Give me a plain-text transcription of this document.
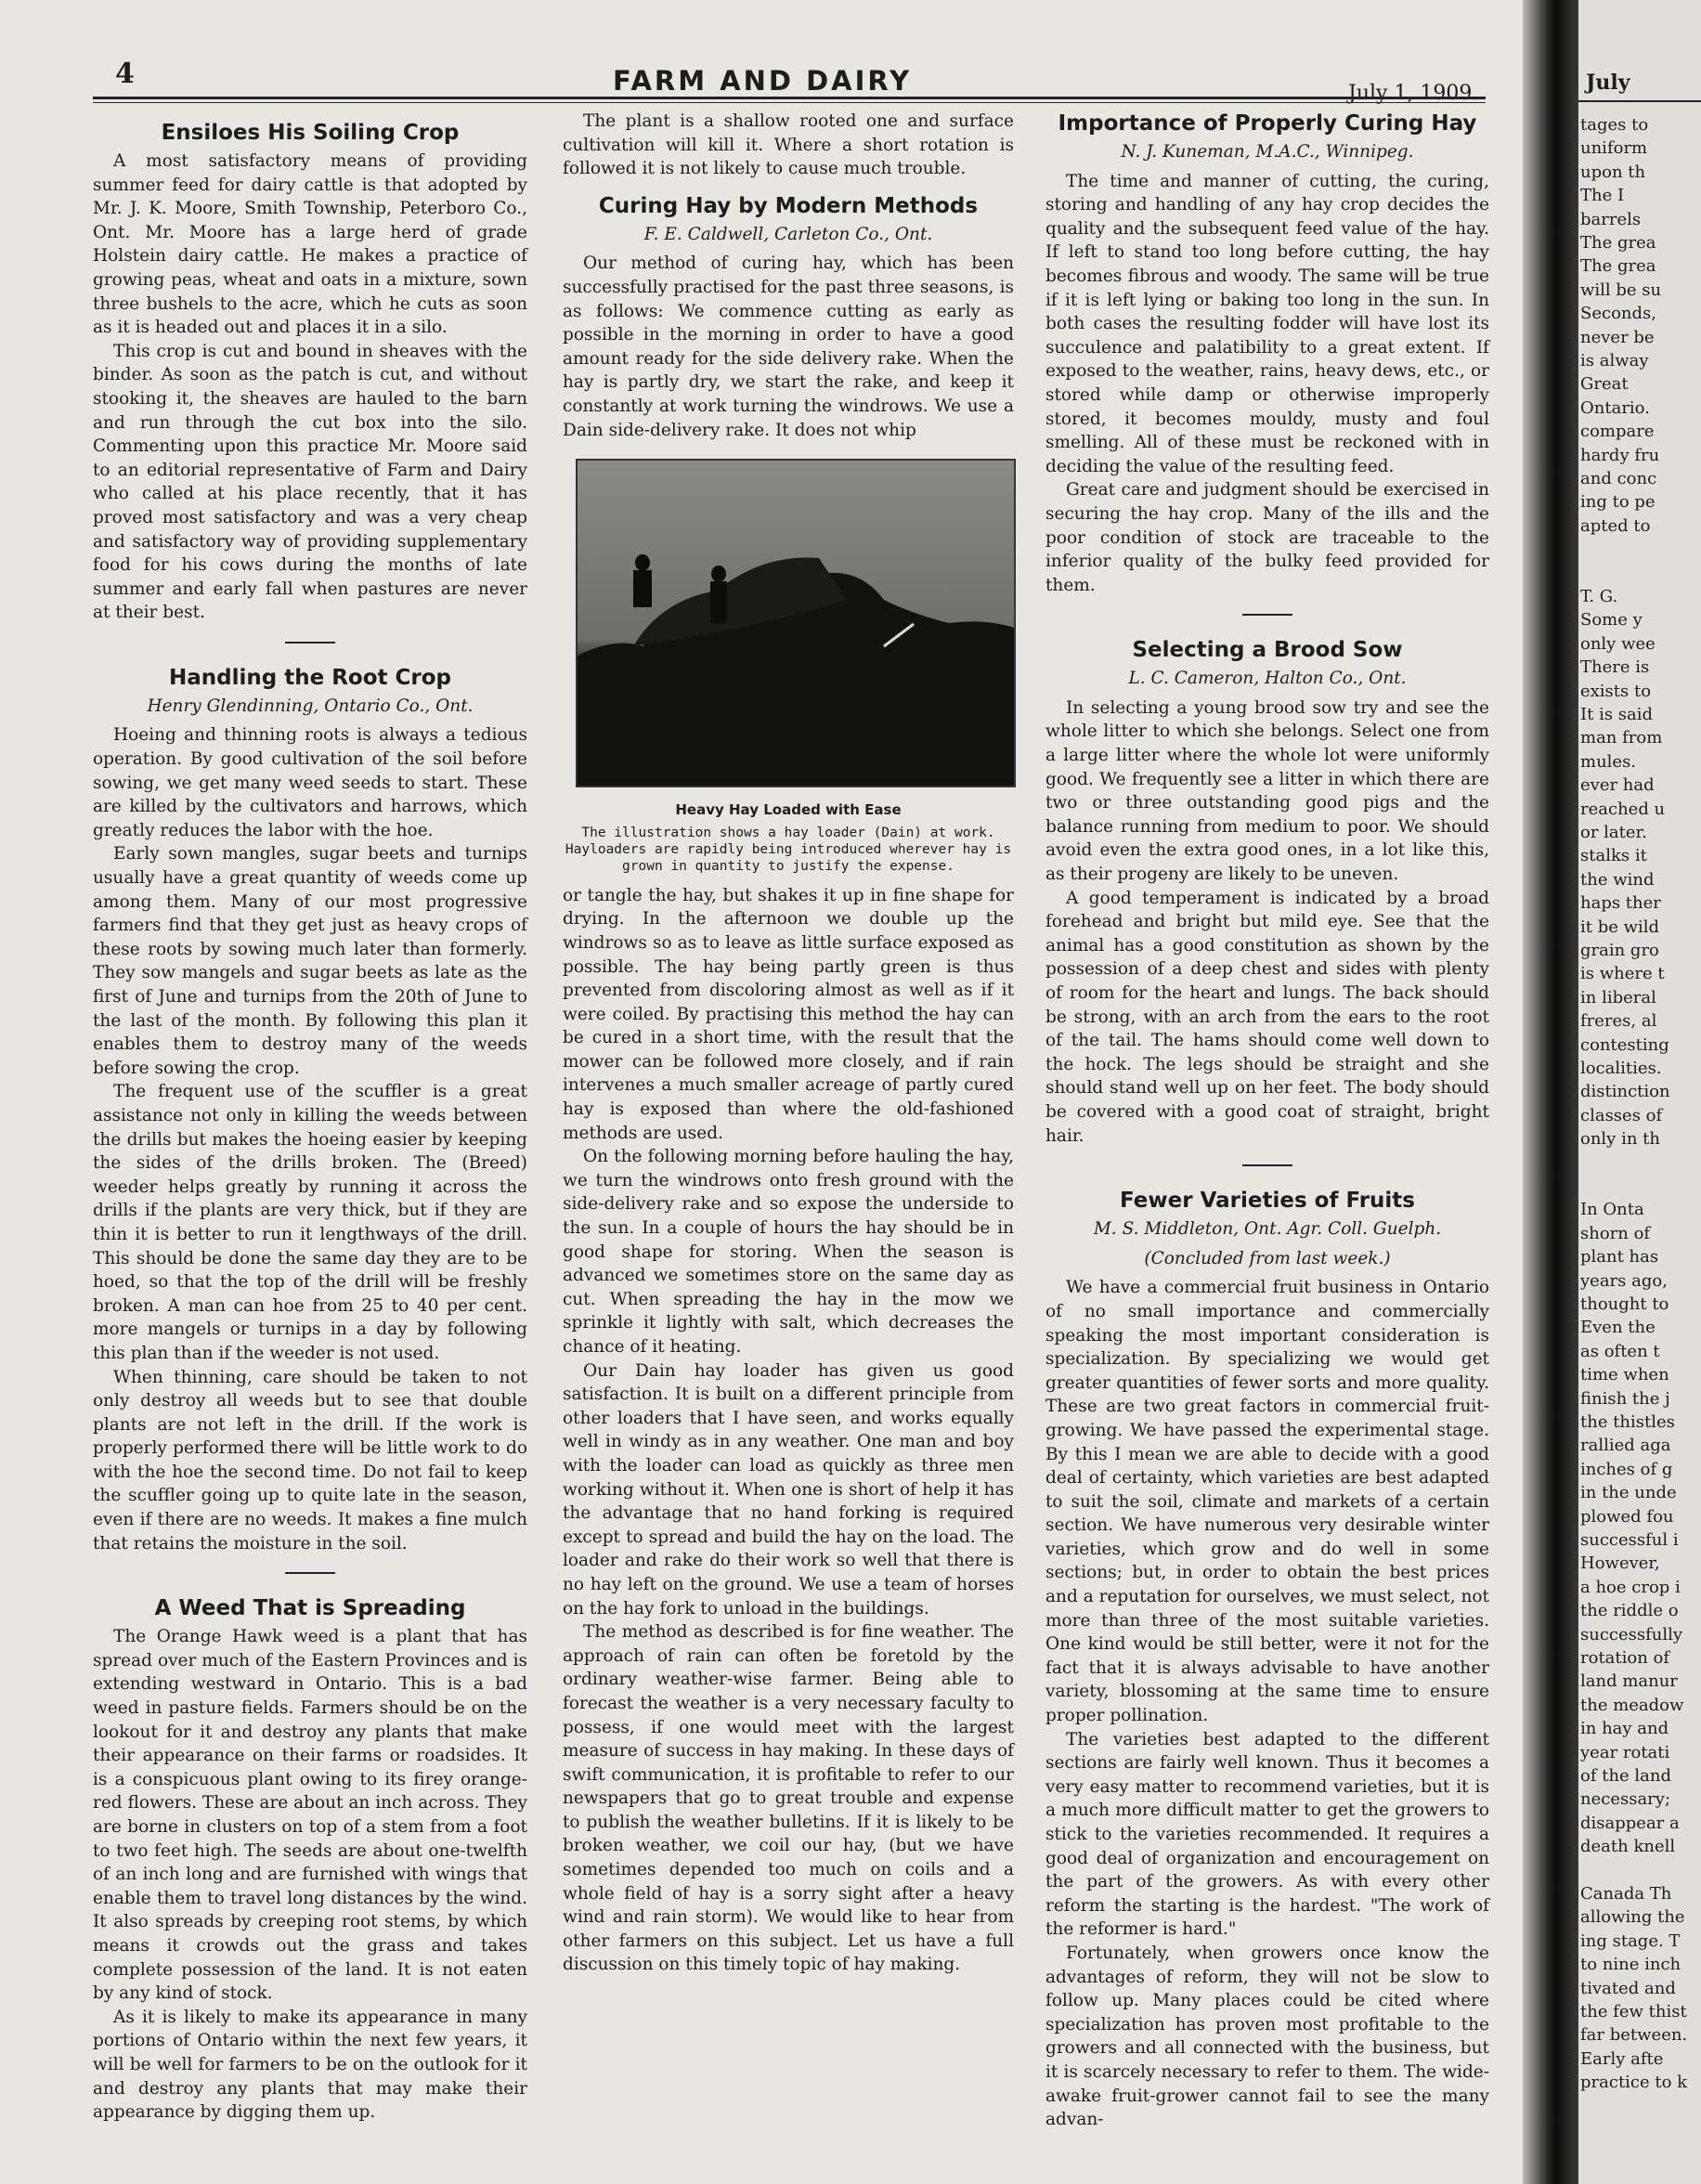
4	FARM AND DAIRY	July 1, 1909.
Ensiloes His Soiling Crop

A most satisfactory means of providing summer feed for dairy cattle is that adopted by Mr. J. K. Moore, Smith Township, Peterboro Co., Ont. Mr. Moore has a large herd of grade Holstein dairy cattle. He makes a practice of growing peas, wheat and oats in a mixture, sown three bushels to the acre, which he cuts as soon as it is headed out and places it in a silo.

This crop is cut and bound in sheaves with the binder. As soon as the patch is cut, and without stooking it, the sheaves are hauled to the barn and run through the cut box into the silo. Commenting upon this practice Mr. Moore said to an editorial representative of Farm and Dairy who called at his place recently, that it has proved most satisfactory and was a very cheap and satisfactory way of providing supplementary food for his cows during the months of late summer and early fall when pastures are never at their best.

Handling the Root Crop
Henry Glendinning, Ontario Co., Ont.

Hoeing and thinning roots is always a tedious operation. By good cultivation of the soil before sowing, we get many weed seeds to start. These are killed by the cultivators and harrows, which greatly reduces the labor with the hoe.

Early sown mangles, sugar beets and turnips usually have a great quantity of weeds come up among them. Many of our most progressive farmers find that they get just as heavy crops of these roots by sowing much later than formerly. They sow mangels and sugar beets as late as the first of June and turnips from the 20th of June to the last of the month. By following this plan it enables them to destroy many of the weeds before sowing the crop.

The frequent use of the scuffler is a great assistance not only in killing the weeds between the drills but makes the hoeing easier by keeping the sides of the drills broken. The (Breed) weeder helps greatly by running it across the drills if the plants are very thick, but if they are thin it is better to run it lengthways of the drill. This should be done the same day they are to be hoed, so that the top of the drill will be freshly broken. A man can hoe from 25 to 40 per cent. more mangels or turnips in a day by following this plan than if the weeder is not used.

When thinning, care should be taken to not only destroy all weeds but to see that double plants are not left in the drill. If the work is properly performed there will be little work to do with the hoe the second time. Do not fail to keep the scuffler going up to quite late in the season, even if there are no weeds. It makes a fine mulch that retains the moisture in the soil.

A Weed That is Spreading

The Orange Hawk weed is a plant that has spread over much of the Eastern Provinces and is extending westward in Ontario. This is a bad weed in pasture fields. Farmers should be on the lookout for it and destroy any plants that make their appearance on their farms or roadsides. It is a conspicuous plant owing to its firey orange-red flowers. These are about an inch across. They are borne in clusters on top of a stem from a foot to two feet high. The seeds are about one-twelfth of an inch long and are furnished with wings that enable them to travel long distances by the wind. It also spreads by creeping root stems, by which means it crowds out the grass and takes complete possession of the land. It is not eaten by any kind of stock.

As it is likely to make its appearance in many portions of Ontario within the next few years, it will be well for farmers to be on the outlook for it and destroy any plants that may make their appearance by digging them up.

The plant is a shallow rooted one and surface cultivation will kill it. Where a short rotation is followed it is not likely to cause much trouble.

Curing Hay by Modern Methods
F. E. Caldwell, Carleton Co., Ont.

Our method of curing hay, which has been successfully practised for the past three seasons, is as follows: We commence cutting as early as possible in the morning in order to have a good amount ready for the side delivery rake. When the hay is partly dry, we start the rake, and keep it constantly at work turning the windrows. We use a Dain side-delivery rake. It does not whip

Heavy Hay Loaded with Ease
The illustration shows a hay loader (Dain) at work. Hayloaders are rapidly being introduced wherever hay is grown in quantity to justify the expense.

or tangle the hay, but shakes it up in fine shape for drying. In the afternoon we double up the windrows so as to leave as little surface exposed as possible. The hay being partly green is thus prevented from discoloring almost as well as if it were coiled. By practising this method the hay can be cured in a short time, with the result that the mower can be followed more closely, and if rain intervenes a much smaller acreage of partly cured hay is exposed than where the old-fashioned methods are used.

On the following morning before hauling the hay, we turn the windrows onto fresh ground with the side-delivery rake and so expose the underside to the sun. In a couple of hours the hay should be in good shape for storing. When the season is advanced we sometimes store on the same day as cut. When spreading the hay in the mow we sprinkle it lightly with salt, which decreases the chance of it heating.

Our Dain hay loader has given us good satisfaction. It is built on a different principle from other loaders that I have seen, and works equally well in windy as in any weather. One man and boy with the loader can load as quickly as three men working without it. When one is short of help it has the advantage that no hand forking is required except to spread and build the hay on the load. The loader and rake do their work so well that there is no hay left on the ground. We use a team of horses on the hay fork to unload in the buildings.

The method as described is for fine weather. The approach of rain can often be foretold by the ordinary weather-wise farmer. Being able to forecast the weather is a very necessary faculty to possess, if one would meet with the largest measure of success in hay making. In these days of swift communication, it is profitable to refer to our newspapers that go to great trouble and expense to publish the weather bulletins. If it is likely to be broken weather, we coil our hay, (but we have sometimes depended too much on coils and a whole field of hay is a sorry sight after a heavy wind and rain storm). We would like to hear from other farmers on this subject. Let us have a full discussion on this timely topic of hay making.

Importance of Properly Curing Hay
N. J. Kuneman, M.A.C., Winnipeg.

The time and manner of cutting, the curing, storing and handling of any hay crop decides the quality and the subsequent feed value of the hay. If left to stand too long before cutting, the hay becomes fibrous and woody. The same will be true if it is left lying or baking too long in the sun. In both cases the resulting fodder will have lost its succulence and palatibility to a great extent. If exposed to the weather, rains, heavy dews, etc., or stored while damp or otherwise improperly stored, it becomes mouldy, musty and foul smelling. All of these must be reckoned with in deciding the value of the resulting feed.

Great care and judgment should be exercised in securing the hay crop. Many of the ills and the poor condition of stock are traceable to the inferior quality of the bulky feed provided for them.

Selecting a Brood Sow
L. C. Cameron, Halton Co., Ont.

In selecting a young brood sow try and see the whole litter to which she belongs. Select one from a large litter where the whole lot were uniformly good. We frequently see a litter in which there are two or three outstanding good pigs and the balance running from medium to poor. We should avoid even the extra good ones, in a lot like this, as their progeny are likely to be uneven.

A good temperament is indicated by a broad forehead and bright but mild eye. See that the animal has a good constitution as shown by the possession of a deep chest and sides with plenty of room for the heart and lungs. The back should be strong, with an arch from the ears to the root of the tail. The hams should come well down to the hock. The legs should be straight and she should stand well up on her feet. The body should be covered with a good coat of straight, bright hair.

Fewer Varieties of Fruits
M. S. Middleton, Ont. Agr. Coll. Guelph.
(Concluded from last week.)

We have a commercial fruit business in Ontario of no small importance and commercially speaking the most important consideration is specialization. By specializing we would get greater quantities of fewer sorts and more quality. These are two great factors in commercial fruit-growing. We have passed the experimental stage. By this I mean we are able to decide with a good deal of certainty, which varieties are best adapted to suit the soil, climate and markets of a certain section. We have numerous very desirable winter varieties, which grow and do well in some sections; but, in order to obtain the best prices and a reputation for ourselves, we must select, not more than three of the most suitable varieties. One kind would be still better, were it not for the fact that it is always advisable to have another variety, blossoming at the same time to ensure proper pollination.

The varieties best adapted to the different sections are fairly well known. Thus it becomes a very easy matter to recommend varieties, but it is a much more difficult matter to get the growers to stick to the varieties recommended. It requires a good deal of organization and encouragement on the part of the growers. As with every other reform the starting is the hardest. "The work of the reformer is hard."

Fortunately, when growers once know the advantages of reform, they will not be slow to follow up. Many places could be cited where specialization has proven most profitable to the growers and all connected with the business, but it is scarcely necessary to refer to them. The wide-awake fruit-grower cannot fail to see the many advan-

July
tages to
uniform
upon th
The I
barrels
The grea
The grea
will be su
Seconds,
never be
is alway
Great
Ontario.
compare
hardy fru
and conc
ing to pe
apted to
T. G.
Some y
only wee
There is
exists to
It is said
man from
mules.
ever had
reached u
or later.
stalks it
the wind
haps ther
it be wild
grain gro
is where t
in liberal
freres, al
contesting
localities.
distinction
classes of
only in th
In Onta
shorn of
plant has
years ago,
thought to
Even the
as often t
time when
finish the j
the thistles
rallied aga
inches of g
in the unde
plowed fou
successful i
However,
a hoe crop i
the riddle o
successfully
rotation of
land manur
the meadow
in hay and
year rotati
of the land
necessary;
disappear a
death knell
Canada Th
allowing the
ing stage. T
to nine inch
tivated and
the few thist
far between.
Early afte
practice to k
